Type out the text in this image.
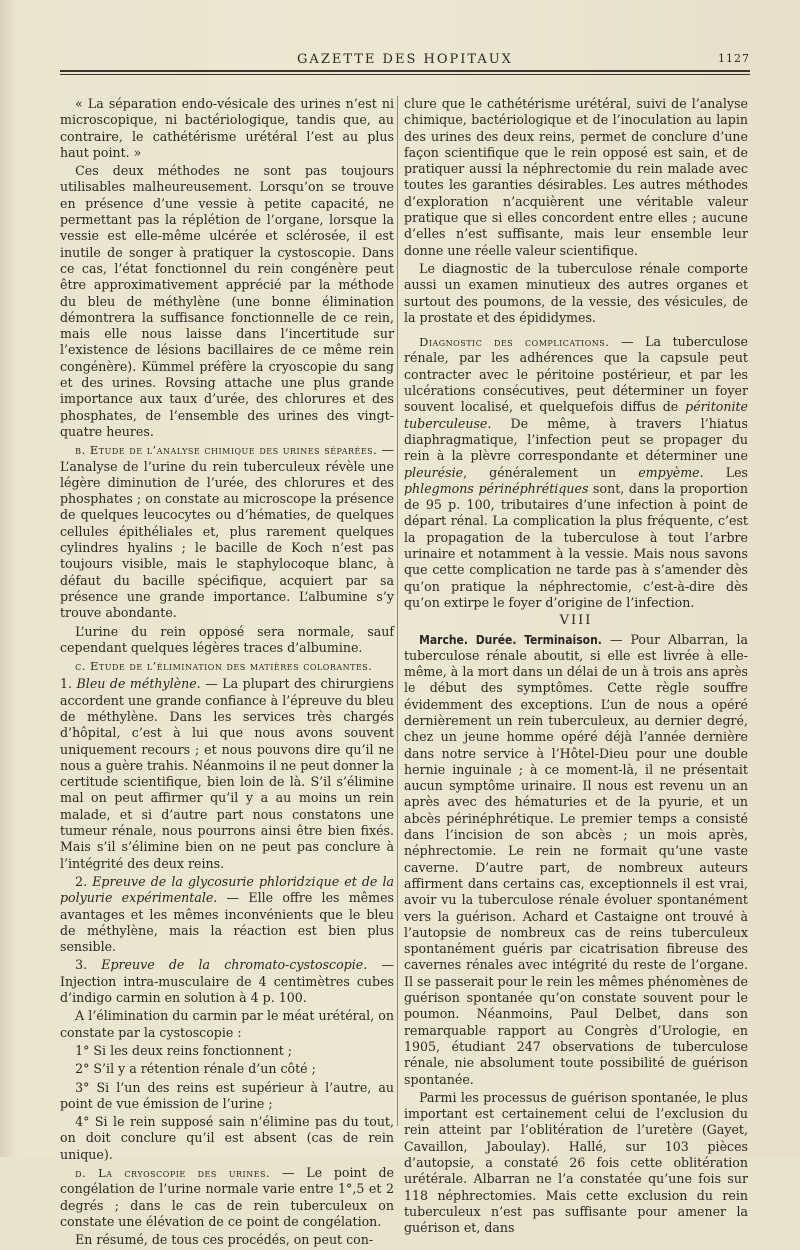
GAZETTE DES HOPITAUX	1127

« La séparation endo-vésicale des urines n’est ni microscopique, ni bactériologique, tandis que, au contraire, le cathétérisme urétéral l’est au plus haut point. »

Ces deux méthodes ne sont pas toujours utilisables malheureusement. Lorsqu’on se trouve en présence d’une vessie à petite capacité, ne permettant pas la réplétion de l’organe, lorsque la vessie est elle-même ulcérée et sclérosée, il est inutile de songer à pratiquer la cystoscopie. Dans ce cas, l’état fonctionnel du rein congénère peut être approximativement apprécié par la méthode du bleu de méthylène (une bonne élimination démontrera la suffisance fonctionnelle de ce rein, mais elle nous laisse dans l’incertitude sur l’existence de lésions bacillaires de ce même rein congénère). Kümmel préfère la cryoscopie du sang et des urines. Rovsing attache une plus grande importance aux taux d’urée, des chlorures et des phosphates, de l’ensemble des urines des vingt-quatre heures.

b. Etude de l’analyse chimique des urines séparées. — L’analyse de l’urine du rein tuberculeux révèle une légère diminution de l’urée, des chlorures et des phosphates ; on constate au microscope la présence de quelques leucocytes ou d’hématies, de quelques cellules épithéliales et, plus rarement quelques cylindres hyalins ; le bacille de Koch n’est pas toujours visible, mais le staphylocoque blanc, à défaut du bacille spécifique, acquiert par sa présence une grande importance. L’albumine s’y trouve abondante.

L’urine du rein opposé sera normale, sauf cependant quelques légères traces d’albumine.

c. Etude de l’élimination des matières colorantes.

1. Bleu de méthylène. — La plupart des chirurgiens accordent une grande confiance à l’épreuve du bleu de méthylène. Dans les services très chargés d’hôpital, c’est à lui que nous avons souvent uniquement recours ; et nous pouvons dire qu’il ne nous a guère trahis. Néanmoins il ne peut donner la certitude scientifique, bien loin de là. S’il s’élimine mal on peut affirmer qu’il y a au moins un rein malade, et si d’autre part nous constatons une tumeur rénale, nous pourrons ainsi être bien fixés. Mais s’il s’élimine bien on ne peut pas conclure à l’intégrité des deux reins.

2. Epreuve de la glycosurie phloridzique et de la polyurie expérimentale. — Elle offre les mêmes avantages et les mêmes inconvénients que le bleu de méthylène, mais la réaction est bien plus sensible.

3. Epreuve de la chromato-cystoscopie. — Injection intra-musculaire de 4 centimètres cubes d’indigo carmin en solution à 4 p. 100.

A l’élimination du carmin par le méat urétéral, on constate par la cystoscopie :

1° Si les deux reins fonctionnent ;

2° S’il y a rétention rénale d’un côté ;

3° Si l’un des reins est supérieur à l’autre, au point de vue émission de l’urine ;

4° Si le rein supposé sain n’élimine pas du tout, on doit conclure qu’il est absent (cas de rein unique).

d. La cryoscopie des urines. — Le point de congélation de l’urine normale varie entre 1°,5 et 2 degrés ; dans le cas de rein tuberculeux on constate une élévation de ce point de congélation.

En résumé, de tous ces procédés, on peut con-

clure que le cathétérisme urétéral, suivi de l’analyse chimique, bactériologique et de l’inoculation au lapin des urines des deux reins, permet de conclure d’une façon scientifique que le rein opposé est sain, et de pratiquer aussi la néphrectomie du rein malade avec toutes les garanties désirables. Les autres méthodes d’exploration n’acquièrent une véritable valeur pratique que si elles concordent entre elles ; aucune d’elles n’est suffisante, mais leur ensemble leur donne une réelle valeur scientifique.

Le diagnostic de la tuberculose rénale comporte aussi un examen minutieux des autres organes et surtout des poumons, de la vessie, des vésicules, de la prostate et des épididymes.

Diagnostic des complications. — La tuberculose rénale, par les adhérences que la capsule peut contracter avec le péritoine postérieur, et par les ulcérations consécutives, peut déterminer un foyer souvent localisé, et quelquefois diffus de péritonite tuberculeuse. De même, à travers l’hiatus diaphragmatique, l’infection peut se propager du rein à la plèvre correspondante et déterminer une pleurésie, généralement un empyème. Les phlegmons périnéphrétiques sont, dans la proportion de 95 p. 100, tributaires d’une infection à point de départ rénal. La complication la plus fréquente, c’est la propagation de la tuberculose à tout l’arbre urinaire et notamment à la vessie. Mais nous savons que cette complication ne tarde pas à s’amender dès qu’on pratique la néphrectomie, c’est-à-dire dès qu’on extirpe le foyer d’origine de l’infection.

VIII

Marche. Durée. Terminaison. — Pour Albarran, la tuberculose rénale aboutit, si elle est livrée à elle-même, à la mort dans un délai de un à trois ans après le début des symptômes. Cette règle souffre évidemment des exceptions. L’un de nous a opéré dernièrement un rein tuberculeux, au dernier degré, chez un jeune homme opéré déjà l’année dernière dans notre service à l’Hôtel-Dieu pour une double hernie inguinale ; à ce moment-là, il ne présentait aucun symptôme urinaire. Il nous est revenu un an après avec des hématuries et de la pyurie, et un abcès périnéphrétique. Le premier temps a consisté dans l’incision de son abcès ; un mois après, néphrectomie. Le rein ne formait qu’une vaste caverne. D’autre part, de nombreux auteurs affirment dans certains cas, exceptionnels il est vrai, avoir vu la tuberculose rénale évoluer spontanément vers la guérison. Achard et Castaigne ont trouvé à l’autopsie de nombreux cas de reins tuberculeux spontanément guéris par cicatrisation fibreuse des cavernes rénales avec intégrité du reste de l’organe. Il se passerait pour le rein les mêmes phénomènes de guérison spontanée qu’on constate souvent pour le poumon. Néanmoins, Paul Delbet, dans son remarquable rapport au Congrès d’Urologie, en 1905, étudiant 247 observations de tuberculose rénale, nie absolument toute possibilité de guérison spontanée.

Parmi les processus de guérison spontanée, le plus important est certainement celui de l’exclusion du rein atteint par l’oblitération de l’uretère (Gayet, Cavaillon, Jaboulay). Hallé, sur 103 pièces d’autopsie, a constaté 26 fois cette oblitération urétérale. Albarran ne l’a constatée qu’une fois sur 118 néphrectomies. Mais cette exclusion du rein tuberculeux n’est pas suffisante pour amener la guérison et, dans
